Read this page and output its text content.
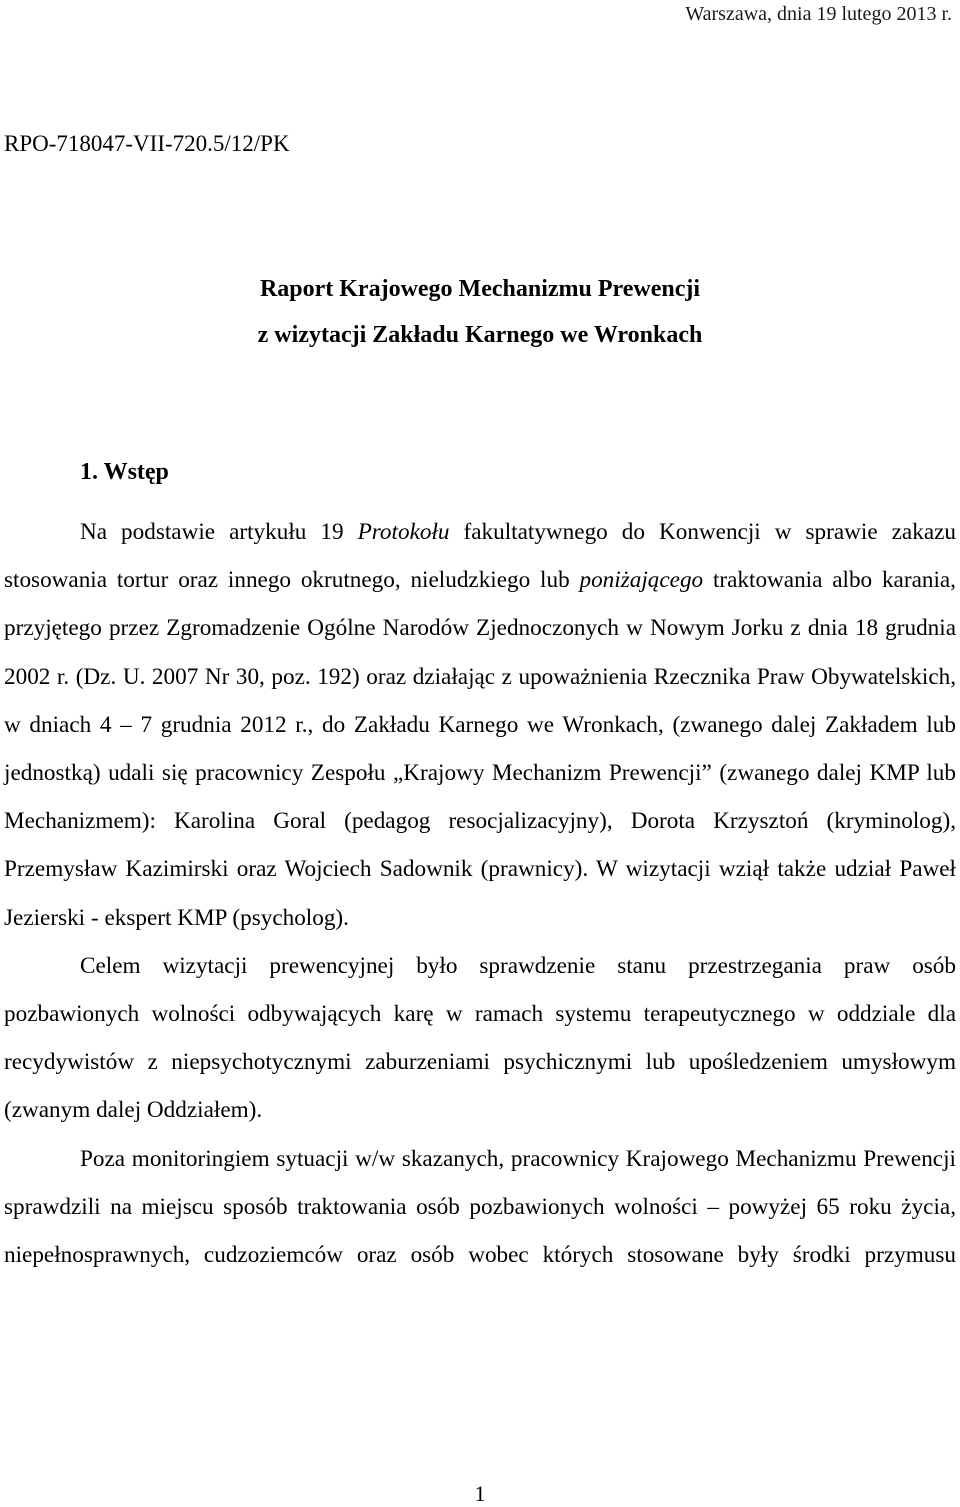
Warszawa, dnia 19 lutego 2013 r.
RPO-718047-VII-720.5/12/PK
Raport Krajowego Mechanizmu Prewencji
z wizytacji Zakładu Karnego we Wronkach
1. Wstęp

Na podstawie artykułu 19 Protokołu fakultatywnego do Konwencji w sprawie zakazu stosowania tortur oraz innego okrutnego, nieludzkiego lub poniżającego traktowania albo karania, przyjętego przez Zgromadzenie Ogólne Narodów Zjednoczonych w Nowym Jorku z dnia 18 grudnia 2002 r. (Dz. U. 2007 Nr 30, poz. 192) oraz działając z upoważnienia Rzecznika Praw Obywatelskich, w dniach 4 – 7 grudnia 2012 r., do Zakładu Karnego we Wronkach, (zwanego dalej Zakładem lub jednostką) udali się pracownicy Zespołu „Krajowy Mechanizm Prewencji” (zwanego dalej KMP lub Mechanizmem): Karolina Goral (pedagog resocjalizacyjny), Dorota Krzysztoń (kryminolog), Przemysław Kazimirski oraz Wojciech Sadownik (prawnicy). W wizytacji wziął także udział Paweł Jezierski - ekspert KMP (psycholog).

Celem wizytacji prewencyjnej było sprawdzenie stanu przestrzegania praw osób pozbawionych wolności odbywających karę w ramach systemu terapeutycznego w oddziale dla recydywistów z niepsychotycznymi zaburzeniami psychicznymi lub upośledzeniem umysłowym (zwanym dalej Oddziałem).

Poza monitoringiem sytuacji w/w skazanych, pracownicy Krajowego Mechanizmu Prewencji sprawdzili na miejscu sposób traktowania osób pozbawionych wolności – powyżej 65 roku życia, niepełnosprawnych, cudzoziemców oraz osób wobec których stosowane były środki przymusu

1
